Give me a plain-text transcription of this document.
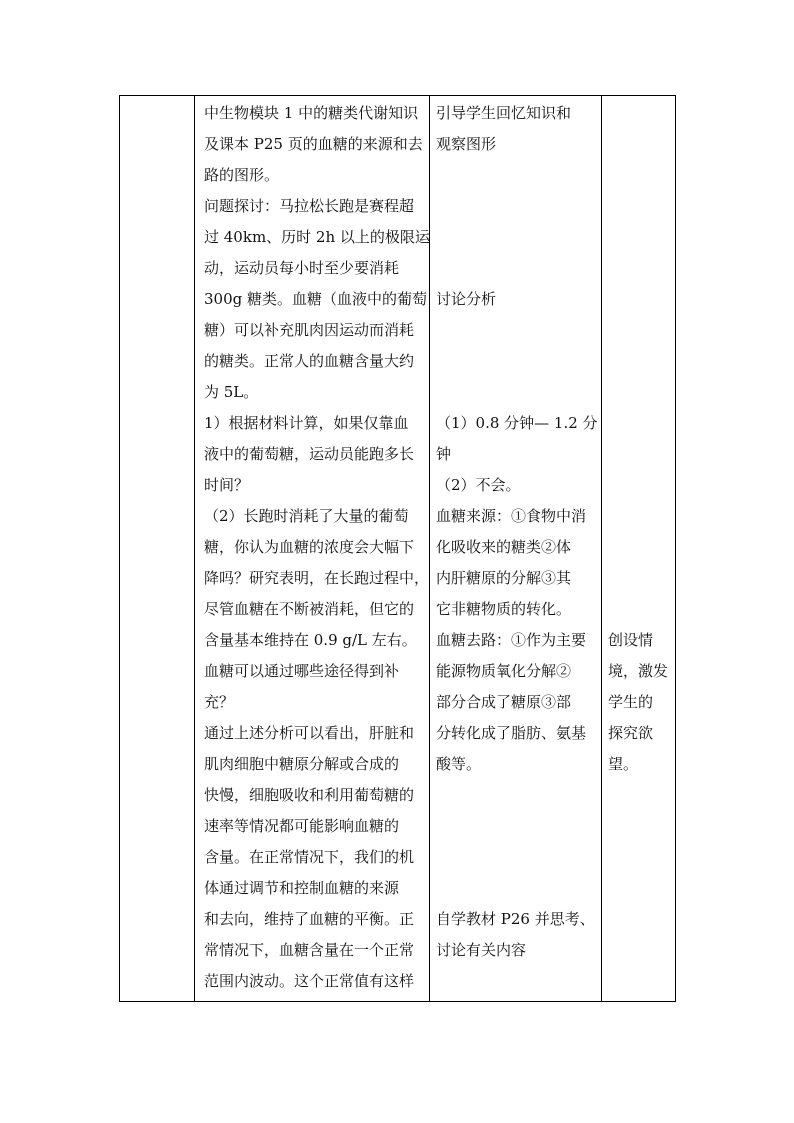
中生物模块 1 中的糖类代谢知识
及课本 P25 页的血糖的来源和去
路的图形。
问题探讨：马拉松长跑是赛程超
过 40km、历时 2h 以上的极限运
动，运动员每小时至少要消耗
300g 糖类。血糖（血液中的葡萄
糖）可以补充肌肉因运动而消耗
的糖类。正常人的血糖含量大约
为 5L。
1）根据材料计算，如果仅靠血
液中的葡萄糖，运动员能跑多长
时间？
（2）长跑时消耗了大量的葡萄
糖，你认为血糖的浓度会大幅下
降吗？研究表明，在长跑过程中，
尽管血糖在不断被消耗，但它的
含量基本维持在 0.9 g/L 左右。
血糖可以通过哪些途径得到补
充？
通过上述分析可以看出，肝脏和
肌肉细胞中糖原分解或合成的
快慢，细胞吸收和利用葡萄糖的
速率等情况都可能影响血糖的
含量。在正常情况下，我们的机
体通过调节和控制血糖的来源
和去向，维持了血糖的平衡。正
常情况下，血糖含量在一个正常
范围内波动。这个正常值有这样
引导学生回忆知识和
观察图形
讨论分析
（1）0.8 分钟— 1.2 分
钟
（2）不会。
血糖来源：①食物中消
化吸收来的糖类②体
内肝糖原的分解③其
它非糖物质的转化。
血糖去路：①作为主要
能源物质氧化分解②
部分合成了糖原③部
分转化成了脂肪、氨基
酸等。
自学教材 P26 并思考、
讨论有关内容
创设情
境，激发
学生的
探究欲
望。
